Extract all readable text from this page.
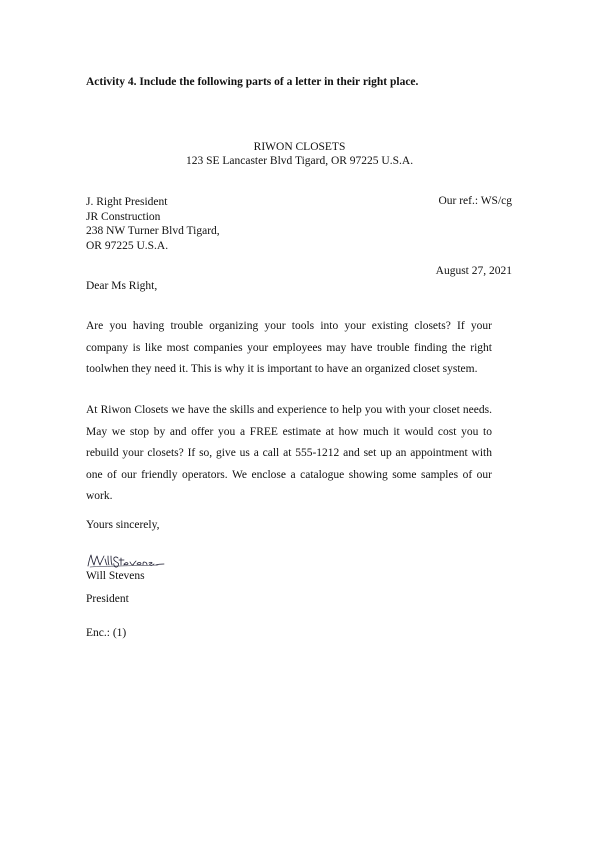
Activity 4. Include the following parts of a letter in their right place.
RIWON CLOSETS
123 SE Lancaster Blvd Tigard, OR 97225 U.S.A.
J. Right President
JR Construction
238 NW Turner Blvd Tigard,
OR 97225 U.S.A.
Our ref.: WS/cg
August 27, 2021
Dear Ms Right,
Are you having trouble organizing your tools into your existing closets? If your company is like most companies your employees may have trouble finding the right toolwhen they need it. This is why it is important to have an organized closet system.
At Riwon Closets we have the skills and experience to help you with your closet needs. May we stop by and offer you a FREE estimate at how much it would cost you to rebuild your closets? If so, give us a call at 555-1212 and set up an appointment with one of our friendly operators. We enclose a catalogue showing some samples of our work.
Yours sincerely,
Will Stevens
President
Enc.: (1)
